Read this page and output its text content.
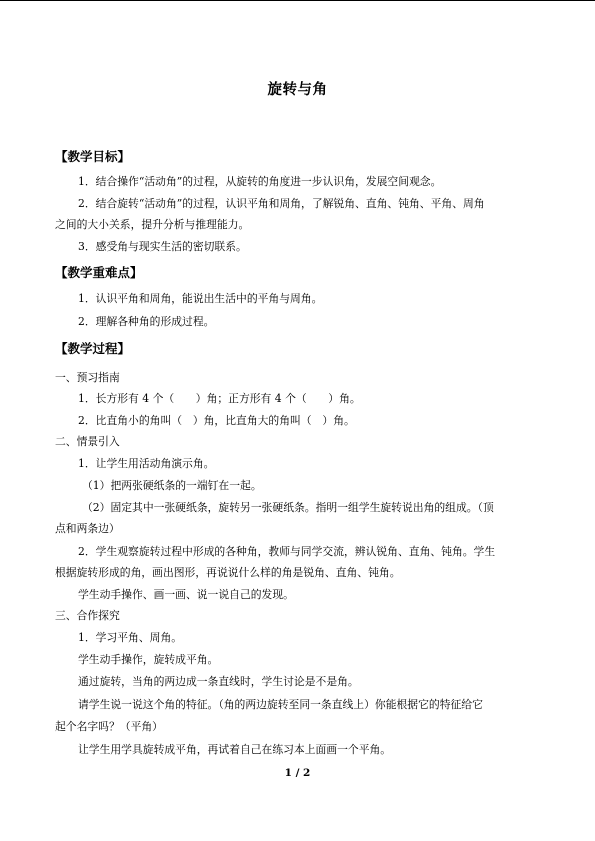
旋转与角
【教学目标】
1．结合操作“活动角”的过程，从旋转的角度进一步认识角，发展空间观念。
2．结合旋转“活动角”的过程，认识平角和周角，了解锐角、直角、钝角、平角、周角
之间的大小关系，提升分析与推理能力。
3．感受角与现实生活的密切联系。
【教学重难点】
1．认识平角和周角，能说出生活中的平角与周角。
2．理解各种角的形成过程。
【教学过程】
一、预习指南
1．长方形有 4 个（　　）角；正方形有 4 个（　　）角。
2．比直角小的角叫（　）角，比直角大的角叫（　）角。
二、情景引入
1．让学生用活动角演示角。
（1）把两张硬纸条的一端钉在一起。
（2）固定其中一张硬纸条，旋转另一张硬纸条。指明一组学生旋转说出角的组成。（顶
点和两条边）
2．学生观察旋转过程中形成的各种角，教师与同学交流，辨认锐角、直角、钝角。学生
根据旋转形成的角，画出图形，再说说什么样的角是锐角、直角、钝角。
学生动手操作、画一画、说一说自己的发现。
三、合作探究
1．学习平角、周角。
学生动手操作，旋转成平角。
通过旋转，当角的两边成一条直线时，学生讨论是不是角。
请学生说一说这个角的特征。（角的两边旋转至同一条直线上）你能根据它的特征给它
起个名字吗？（平角）
让学生用学具旋转成平角，再试着自己在练习本上面画一个平角。
1 / 2
